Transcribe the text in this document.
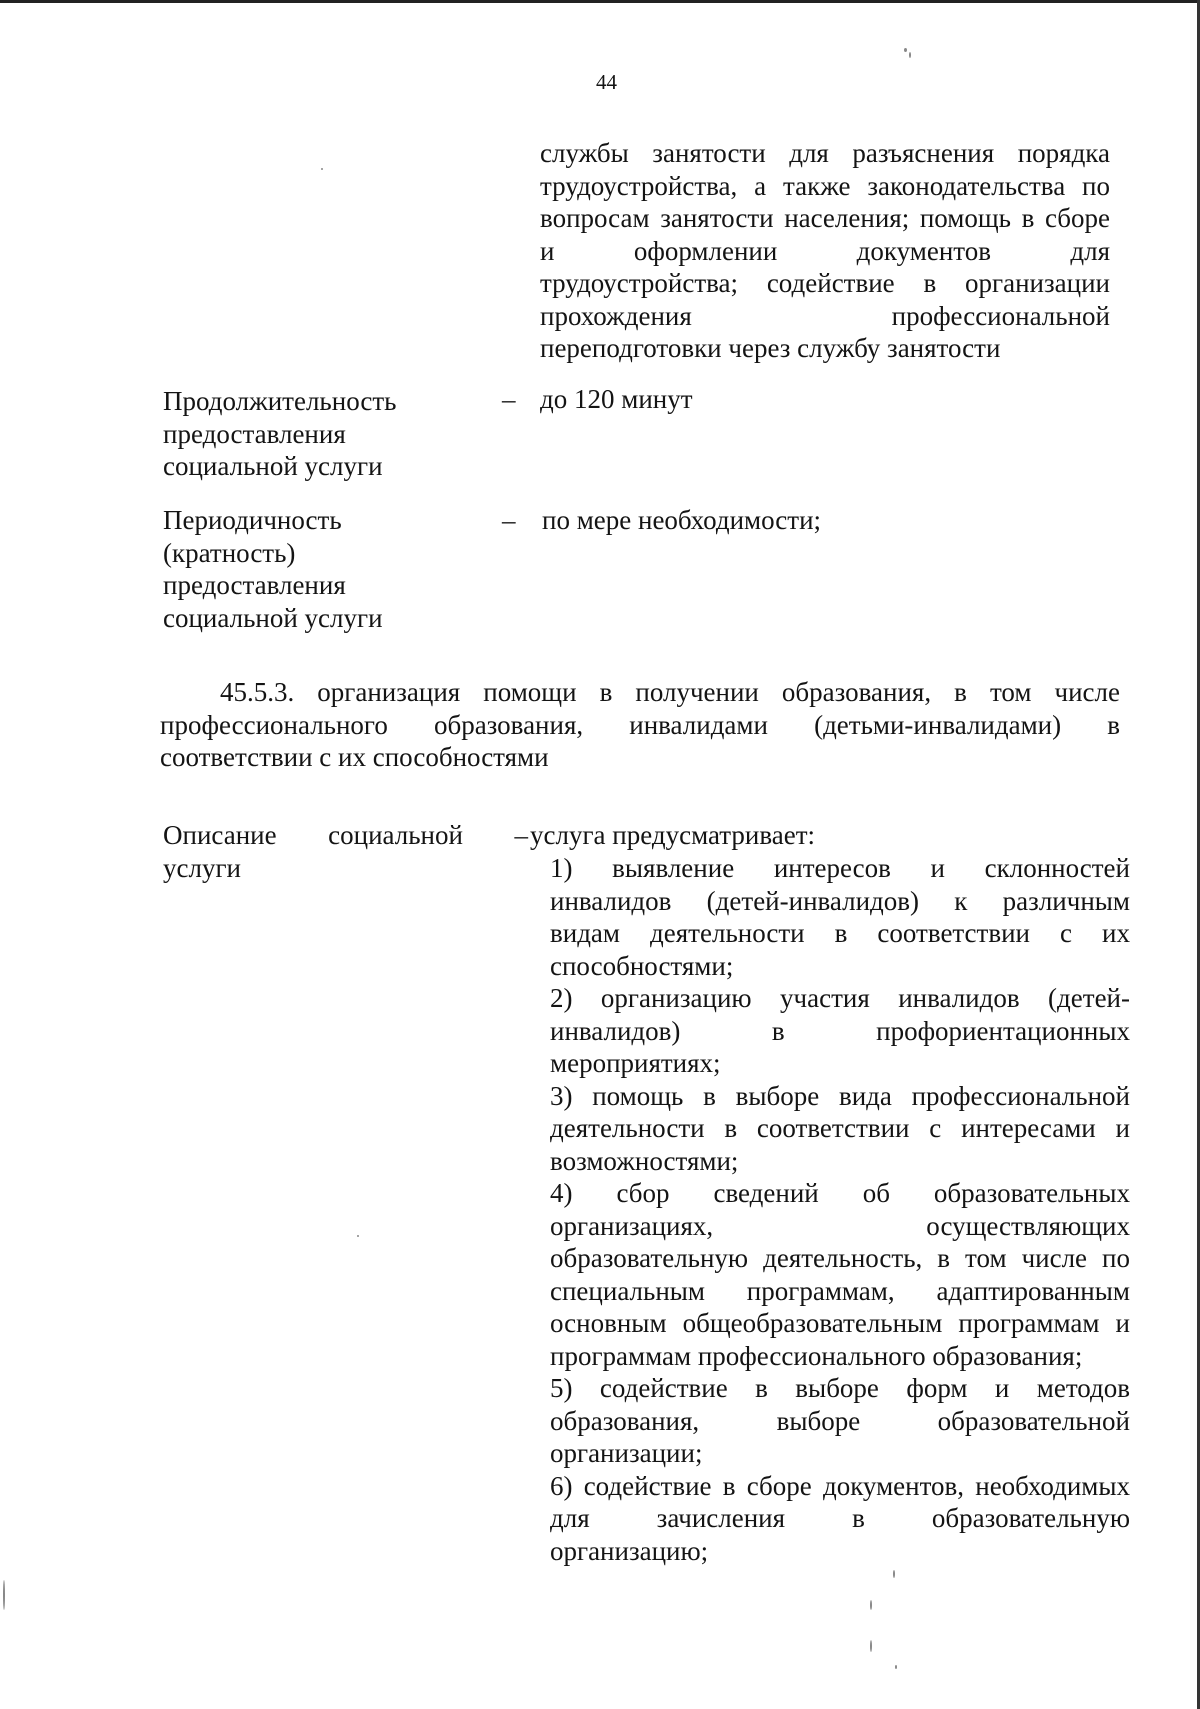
44
службы занятости для разъяснения порядка
трудоустройства, а также законодательства по
вопросам занятости населения; помощь в сборе
и оформлении документов для
трудоустройства; содействие в организации
прохождения профессиональной
переподготовки через службу занятости
Продолжительность
предоставления
социальной услуги
– до 120 минут
Периодичность
(кратность)
предоставления
социальной услуги
– по мере необходимости;
45.5.3. организация помощи в получении образования, в том числе
профессионального образования, инвалидами (детьми-инвалидами) в
соответствии с их способностями
Описание социальной –
услуги
услуга предусматривает:
1) выявление интересов и склонностей
инвалидов (детей-инвалидов) к различным
видам деятельности в соответствии с их
способностями;
2) организацию участия инвалидов (детей-
инвалидов) в профориентационных
мероприятиях;
3) помощь в выборе вида профессиональной
деятельности в соответствии с интересами и
возможностями;
4) сбор сведений об образовательных
организациях, осуществляющих
образовательную деятельность, в том числе по
специальным программам, адаптированным
основным общеобразовательным программам и
программам профессионального образования;
5) содействие в выборе форм и методов
образования, выборе образовательной
организации;
6) содействие в сборе документов, необходимых
для зачисления в образовательную
организацию;
